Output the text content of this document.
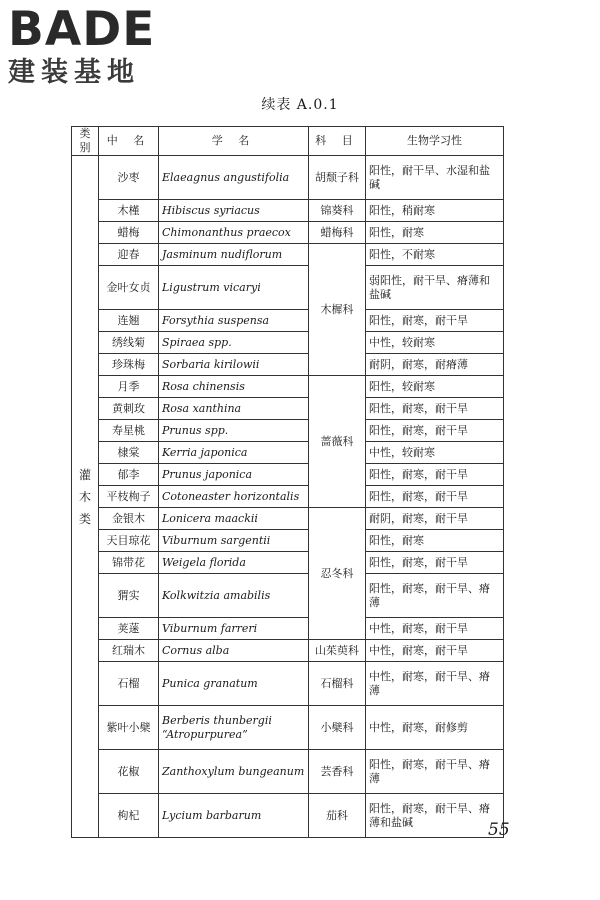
BADE
建装基地
续表 A.0.1
类别	中 名	学 名	科 目	生物学习性

灌木类	沙枣	Elaeagnus angustifolia	胡颓子科	阳性，耐干旱、水湿和盐碱
	木槿	Hibiscus syriacus	锦葵科	阳性，稍耐寒
	蜡梅	Chimonanthus praecox	蜡梅科	阳性，耐寒
	迎春	Jasminum nudiflorum	木樨科	阳性，不耐寒
	金叶女贞	Ligustrum vicaryi		弱阳性，耐干旱、瘠薄和盐碱
	连翘	Forsythia suspensa		阳性，耐寒，耐干旱
	绣线菊	Spiraea spp.		中性，较耐寒
	珍珠梅	Sorbaria kirilowii		耐阴，耐寒，耐瘠薄
	月季	Rosa chinensis	蔷薇科	阳性，较耐寒
	黄刺玫	Rosa xanthina		阳性，耐寒，耐干旱
	寿星桃	Prunus spp.		阳性，耐寒，耐干旱
	棣棠	Kerria japonica		中性，较耐寒
	郁李	Prunus japonica		阳性，耐寒，耐干旱
	平枝栒子	Cotoneaster horizontalis		阳性，耐寒，耐干旱
	金银木	Lonicera maackii	忍冬科	耐阴，耐寒，耐干旱
	天目琼花	Viburnum sargentii		阳性，耐寒
	锦带花	Weigela florida		阳性，耐寒，耐干旱
	猬实	Kolkwitzia amabilis		阳性，耐寒，耐干旱、瘠薄
	荚蒾	Viburnum farreri		中性，耐寒，耐干旱
	红瑞木	Cornus alba	山茱萸科	中性，耐寒，耐干旱
	石榴	Punica granatum	石榴科	中性，耐寒，耐干旱、瘠薄
	紫叶小檗	Berberis thunbergii “Atropurpurea”	小檗科	中性，耐寒，耐修剪
	花椒	Zanthoxylum bungeanum	芸香科	阳性，耐寒，耐干旱、瘠薄
	枸杞	Lycium barbarum	茄科	阳性，耐寒，耐干旱、瘠薄和盐碱	55
